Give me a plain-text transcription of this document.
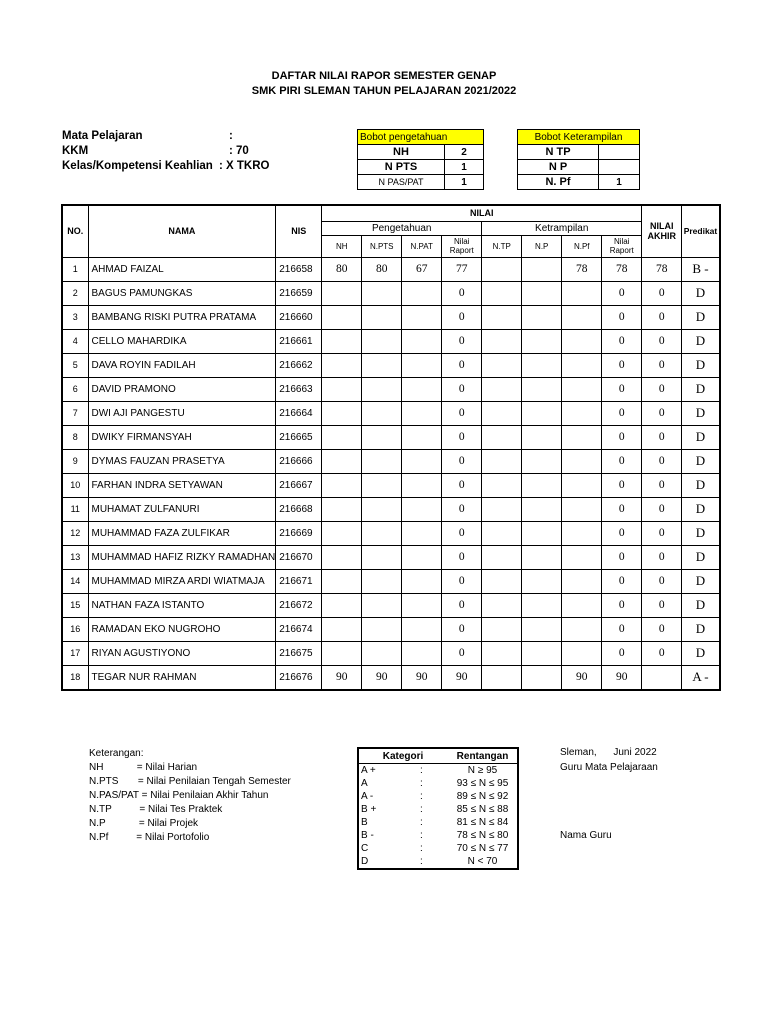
DAFTAR NILAI RAPOR SEMESTER GENAP
SMK PIRI SLEMAN TAHUN PELAJARAN 2021/2022
Mata Pelajaran	:
KKM	: 70
Kelas/Kompetensi Keahlian : X TKRO
Bobot pengetahuan	
NH	2
N PTS	1
N PAS/PAT	1
Bobot Keterampilan	
N TP	
N P	
N. Pf	1
NO.	NAMA	NIS	NILAI								NILAI AKHIR	Predikat
			Pengetahuan				Ketrampilan					
			NH	N.PTS	N.PAT	Nilai Raport	N.TP	N.P	N.Pf	Nilai Raport		
1	AHMAD FAIZAL	216658	80	80	67	77			78	78	78	B -
2	BAGUS PAMUNGKAS	216659				0				0	0	D
3	BAMBANG RISKI PUTRA PRATAMA	216660				0				0	0	D
4	CELLO MAHARDIKA	216661				0				0	0	D
5	DAVA ROYIN FADILAH	216662				0				0	0	D
6	DAVID PRAMONO	216663				0				0	0	D
7	DWI AJI PANGESTU	216664				0				0	0	D
8	DWIKY FIRMANSYAH	216665				0				0	0	D
9	DYMAS FAUZAN PRASETYA	216666				0				0	0	D
10	FARHAN INDRA SETYAWAN	216667				0				0	0	D
11	MUHAMAT ZULFANURI	216668				0				0	0	D
12	MUHAMMAD FAZA ZULFIKAR	216669				0				0	0	D
13	MUHAMMAD HAFIZ RIZKY RAMADHAN	216670				0				0	0	D
14	MUHAMMAD MIRZA ARDI WIATMAJA	216671				0				0	0	D
15	NATHAN FAZA ISTANTO	216672				0				0	0	D
16	RAMADAN EKO NUGROHO	216674				0				0	0	D
17	RIYAN AGUSTIYONO	216675				0				0	0	D
18	TEGAR NUR RAHMAN	216676	90	90	90	90			90	90		A -
Keterangan:
NH            = Nilai Harian
N.PTS       = Nilai Penilaian Tengah Semester
N.PAS/PAT = Nilai Penilaian Akhir Tahun
N.TP          = Nilai Tes Praktek
N.P            = Nilai Projek
N.Pf          = Nilai Portofolio
Kategori		Rentangan
A +	:	N ≥ 95
A	:	93 ≤ N ≤ 95
A -	:	89 ≤ N ≤ 92
B +	:	85 ≤ N ≤ 88
B	:	81 ≤ N ≤ 84
B -	:	78 ≤ N ≤ 80
C	:	70 ≤ N ≤ 77
D	:	N < 70
Sleman,      Juni 2022
Guru Mata Pelajaraan
Nama Guru
